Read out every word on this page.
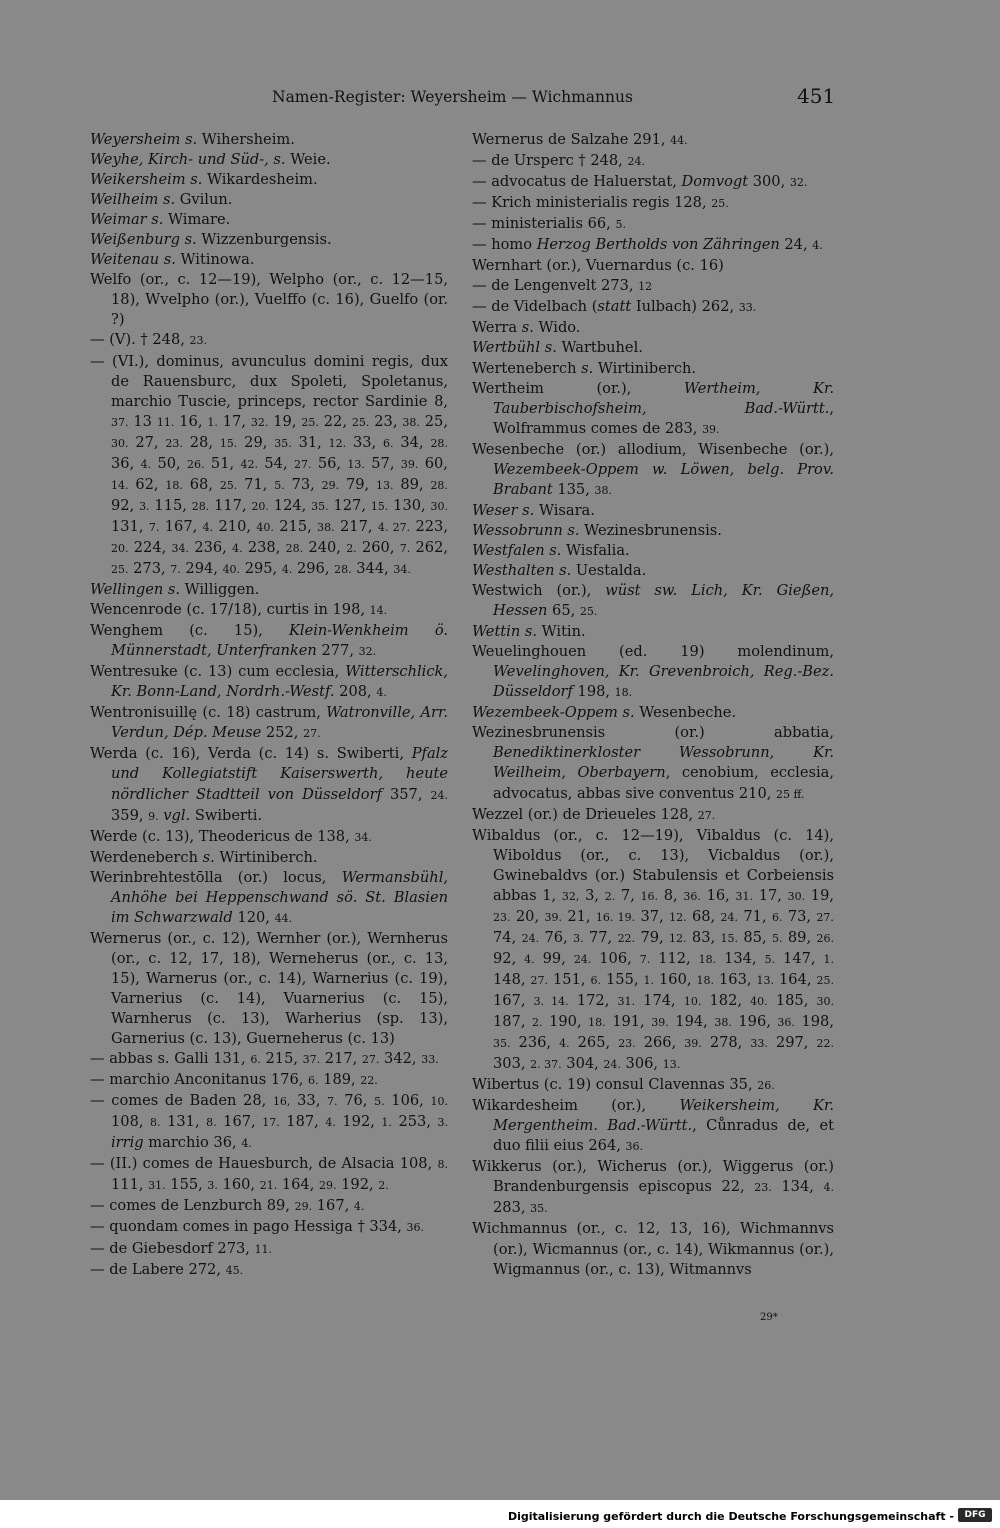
Namen-Register: Weyersheim — Wichmannus	451

Weyersheim s. Wihersheim.

Weyhe, Kirch- und Süd-, s. Weie.

Weikersheim s. Wikardesheim.

Weilheim s. Gvilun.

Weimar s. Wimare.

Weißenburg s. Wizzenburgensis.

Weitenau s. Witinowa.

Welfo (or., c. 12—19), Welpho (or., c. 12—15, 18), Wvelpho (or.), Vuelffo (c. 16), Guelfo (or. ?)

— (V). † 248, 23.

— (VI.), dominus, avunculus domini regis, dux de Rauensburc, dux Spoleti, Spoletanus, marchio Tuscie, princeps, rector Sardinie 8, 37. 13 11. 16, 1. 17, 32. 19, 25. 22, 25. 23, 38. 25, 30. 27, 23. 28, 15. 29, 35. 31, 12. 33, 6. 34, 28. 36, 4. 50, 26. 51, 42. 54, 27. 56, 13. 57, 39. 60, 14. 62, 18. 68, 25. 71, 5. 73, 29. 79, 13. 89, 28. 92, 3. 115, 28. 117, 20. 124, 35. 127, 15. 130, 30. 131, 7. 167, 4. 210, 40. 215, 38. 217, 4. 27. 223, 20. 224, 34. 236, 4. 238, 28. 240, 2. 260, 7. 262, 25. 273, 7. 294, 40. 295, 4. 296, 28. 344, 34.

Wellingen s. Williggen.

Wencenrode (c. 17/18), curtis in 198, 14.

Wenghem (c. 15), Klein-Wenkheim ö. Münnerstadt, Unterfranken 277, 32.

Wentresuke (c. 13) cum ecclesia, Witterschlick, Kr. Bonn-Land, Nordrh.-Westf. 208, 4.

Wentronisuillę (c. 18) castrum, Watronville, Arr. Verdun, Dép. Meuse 252, 27.

Werda (c. 16), Verda (c. 14) s. Swiberti, Pfalz und Kollegiatstift Kaiserswerth, heute nördlicher Stadtteil von Düsseldorf 357, 24. 359, 9. vgl. Swiberti.

Werde (c. 13), Theodericus de 138, 34.

Werdeneberch s. Wirtiniberch.

Werinbrehtestōlla (or.) locus, Wermansbühl, Anhöhe bei Heppenschwand sö. St. Blasien im Schwarzwald 120, 44.

Wernerus (or., c. 12), Wernher (or.), Wernherus (or., c. 12, 17, 18), Werneherus (or., c. 13, 15), Warnerus (or., c. 14), Warnerius (c. 19), Varnerius (c. 14), Vuarnerius (c. 15), Warnherus (c. 13), Warherius (sp. 13), Garnerius (c. 13), Guerneherus (c. 13)

— abbas s. Galli 131, 6. 215, 37. 217, 27. 342, 33.

— marchio Anconitanus 176, 6. 189, 22.

— comes de Baden 28, 16, 33, 7. 76, 5. 106, 10. 108, 8. 131, 8. 167, 17. 187, 4. 192, 1. 253, 3. irrig marchio 36, 4.

— (II.) comes de Hauesburch, de Alsacia 108, 8. 111, 31. 155, 3. 160, 21. 164, 29. 192, 2.

— comes de Lenzburch 89, 29. 167, 4.

— quondam comes in pago Hessiga † 334, 36.

— de Giebesdorf 273, 11.

— de Labere 272, 45.

Wernerus de Salzahe 291, 44.

— de Ursperc † 248, 24.

— advocatus de Haluerstat, Domvogt 300, 32.

— Krich ministerialis regis 128, 25.

— ministerialis 66, 5.

— homo Herzog Bertholds von Zähringen 24, 4.

Wernhart (or.), Vuernardus (c. 16)

— de Lengenvelt 273, 12

— de Videlbach (statt Iulbach) 262, 33.

Werra s. Wido.

Wertbühl s. Wartbuhel.

Werteneberch s. Wirtiniberch.

Wertheim (or.), Wertheim, Kr. Tauberbischofsheim, Bad.-Württ., Wolframmus comes de 283, 39.

Wesenbeche (or.) allodium, Wisenbeche (or.), Wezembeek-Oppem w. Löwen, belg. Prov. Brabant 135, 38.

Weser s. Wisara.

Wessobrunn s. Wezinesbrunensis.

Westfalen s. Wisfalia.

Westhalten s. Uestalda.

Westwich (or.), wüst sw. Lich, Kr. Gießen, Hessen 65, 25.

Wettin s. Witin.

Weuelinghouen (ed. 19) molendinum, Wevelinghoven, Kr. Grevenbroich, Reg.-Bez. Düsseldorf 198, 18.

Wezembeek-Oppem s. Wesenbeche.

Wezinesbrunensis (or.) abbatia, Benediktinerkloster Wessobrunn, Kr. Weilheim, Oberbayern, cenobium, ecclesia, advocatus, abbas sive conventus 210, 25 ff.

Wezzel (or.) de Drieueles 128, 27.

Wibaldus (or., c. 12—19), Vibaldus (c. 14), Wiboldus (or., c. 13), Vicbaldus (or.), Gwinebaldvs (or.) Stabulensis et Corbeiensis abbas 1, 32, 3, 2. 7, 16. 8, 36. 16, 31. 17, 30. 19, 23. 20, 39. 21, 16. 19. 37, 12. 68, 24. 71, 6. 73, 27. 74, 24. 76, 3. 77, 22. 79, 12. 83, 15. 85, 5. 89, 26. 92, 4. 99, 24. 106, 7. 112, 18. 134, 5. 147, 1. 148, 27. 151, 6. 155, 1. 160, 18. 163, 13. 164, 25. 167, 3. 14. 172, 31. 174, 10. 182, 40. 185, 30. 187, 2. 190, 18. 191, 39. 194, 38. 196, 36. 198, 35. 236, 4. 265, 23. 266, 39. 278, 33. 297, 22. 303, 2. 37. 304, 24. 306, 13.

Wibertus (c. 19) consul Clavennas 35, 26.

Wikardesheim (or.), Weikersheim, Kr. Mergentheim. Bad.-Württ., Cůnradus de, et duo filii eius 264, 36.

Wikkerus (or.), Wicherus (or.), Wiggerus (or.) Brandenburgensis episcopus 22, 23. 134, 4. 283, 35.

Wichmannus (or., c. 12, 13, 16), Wichmannvs (or.), Wicmannus (or., c. 14), Wikmannus (or.), Wigmannus (or., c. 13), Witmannvs

29*
Digitalisierung gefördert durch die Deutsche Forschungsgemeinschaft -	DFG
